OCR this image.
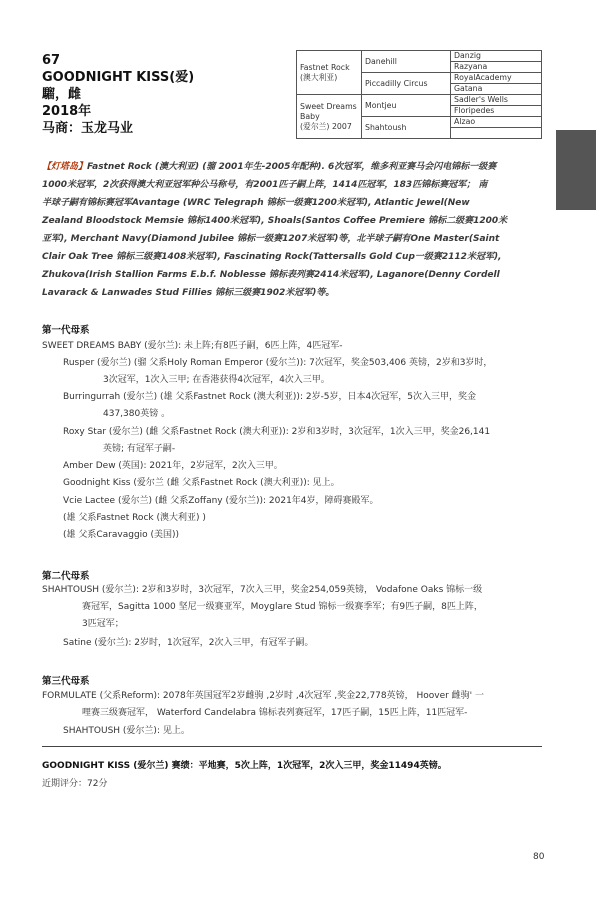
67
GOODNIGHT KISS(爱)
騮，雌
2018年
马商：玉龙马业
Fastnet Rock
(澳大利亚)	Danehill	Danzig
		Razyana
	Piccadilly Circus	RoyalAcademy
		Gatana
Sweet Dreams
Baby
(爱尔兰) 2007	Montjeu	Sadler's Wells
		Floripedes
	Shahtoush	Alzao

【灯塔岛】Fastnet Rock (澳大利亚) (骝 2001年生-2005年配种). 6次冠军，维多利亚赛马会闪电锦标一级赛
1000米冠军，2次获得澳大利亚冠军种公马称号，有2001匹子嗣上阵，1414匹冠军，183匹锦标赛冠军； 南
半球子嗣有锦标赛冠军Avantage (WRC Telegraph 锦标一级赛1200米冠军), Atlantic Jewel(New
Zealand Bloodstock Memsie 锦标1400米冠军), Shoals(Santos Coffee Premiere 锦标二级赛1200米
亚军), Merchant Navy(Diamond Jubilee 锦标一级赛1207米冠军)等，北半球子嗣有One Master(Saint
Clair Oak Tree 锦标三级赛1408米冠军), Fascinating Rock(Tattersalls Gold Cup一级赛2112米冠军),
Zhukova(Irish Stallion Farms E.b.f. Noblesse 锦标表列赛2414米冠军), Laganore(Denny Cordell
Lavarack & Lanwades Stud Fillies 锦标三级赛1902米冠军)等。
第一代母系
SWEET DREAMS BABY (爱尔兰): 未上阵;有8匹子嗣，6匹上阵，4匹冠军-
Rusper (爱尔兰) (骝 父系Holy Roman Emperor (爱尔兰)): 7次冠军，奖金503,406 英镑，2岁和3岁时，
3次冠军，1次入三甲; 在香港获得4次冠军，4次入三甲。
Burringurrah (爱尔兰) (雄 父系Fastnet Rock (澳大利亚)): 2岁-5岁，日本4次冠军，5次入三甲，奖金
437,380英镑 。
Roxy Star (爱尔兰) (雌 父系Fastnet Rock (澳大利亚)): 2岁和3岁时，3次冠军，1次入三甲，奖金26,141
英镑; 有冠军子嗣-
Amber Dew (英国): 2021年，2岁冠军，2次入三甲。
Goodnight Kiss (爱尔兰 (雌 父系Fastnet Rock (澳大利亚)): 见上。
Vcie Lactee (爱尔兰) (雌 父系Zoffany (爱尔兰)): 2021年4岁，障碍赛殿军。
(雄 父系Fastnet Rock (澳大利亚) )
(雄 父系Caravaggio (美国))
第二代母系
SHAHTOUSH (爱尔兰): 2岁和3岁时，3次冠军，7次入三甲，奖金254,059英镑， Vodafone Oaks 锦标一级
赛冠军，Sagitta 1000 坚尼一级赛亚军，Moyglare Stud 锦标一级赛季军；有9匹子嗣，8匹上阵，
3匹冠军；
Satine (爱尔兰): 2岁时，1次冠军，2次入三甲，有冠军子嗣。
第三代母系
FORMULATE (父系Reform): 2078年英国冠军2岁雌驹 ,2岁时 ,4次冠军 ,奖金22,778英镑， Hoover 雌驹' 一
哩赛三级赛冠军， Waterford Candelabra 锦标表列赛冠军，17匹子嗣，15匹上阵，11匹冠军-
SHAHTOUSH (爱尔兰): 见上。
GOODNIGHT KISS (爱尔兰) 赛绩：平地赛，5次上阵，1次冠军，2次入三甲，奖金11494英镑。
近期评分：72分
80
